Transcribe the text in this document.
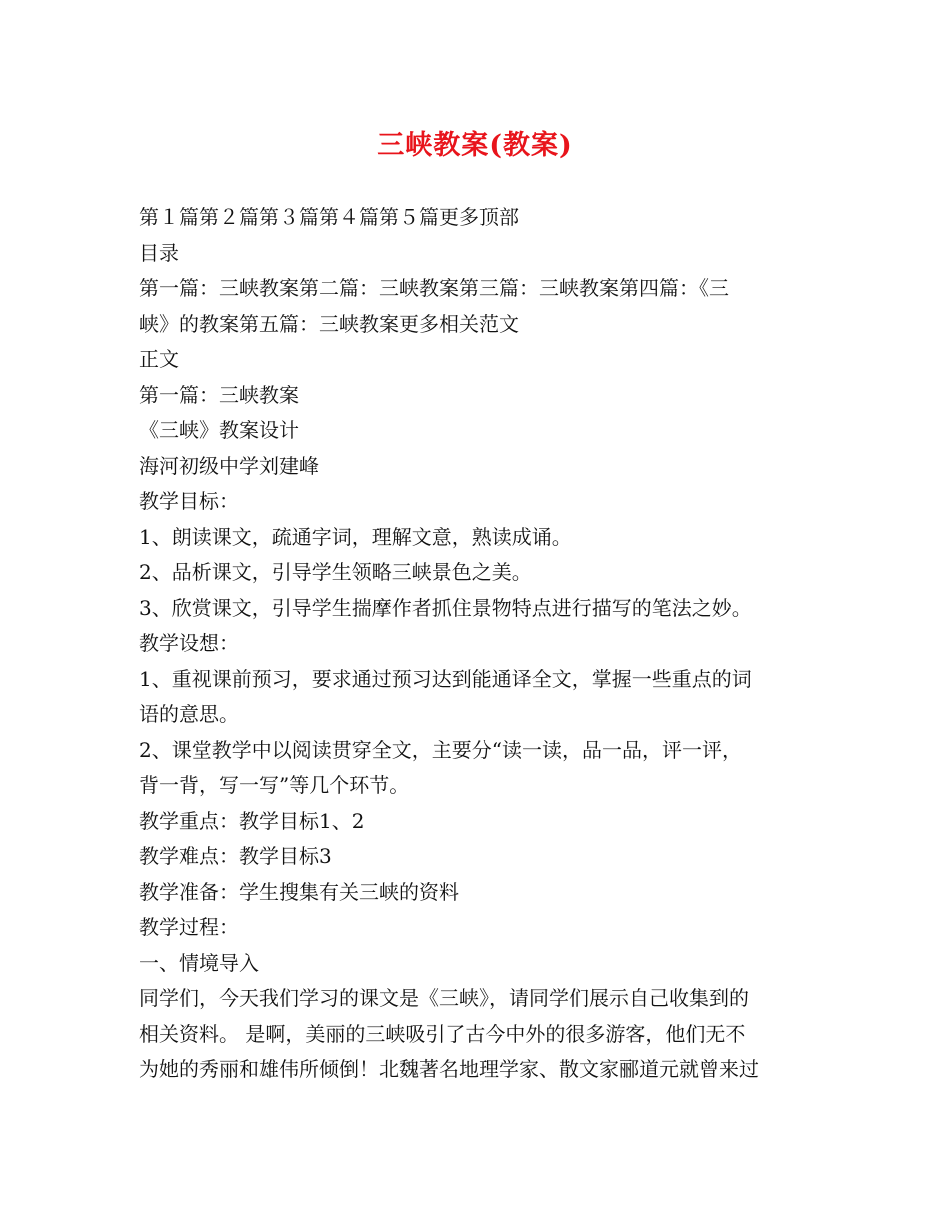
三峡教案(教案)
第１篇第２篇第３篇第４篇第５篇更多顶部
目录
第一篇：三峡教案第二篇：三峡教案第三篇：三峡教案第四篇：《三
峡》的教案第五篇：三峡教案更多相关范文
正文
第一篇：三峡教案
《三峡》教案设计
海河初级中学刘建峰
教学目标：
1、朗读课文，疏通字词，理解文意，熟读成诵。
2、品析课文，引导学生领略三峡景色之美。
3、欣赏课文，引导学生揣摩作者抓住景物特点进行描写的笔法之妙。
教学设想：
1、重视课前预习，要求通过预习达到能通译全文，掌握一些重点的词
语的意思。
2、课堂教学中以阅读贯穿全文，主要分“读一读，品一品，评一评，
背一背，写一写”等几个环节。
教学重点：教学目标1、2
教学难点：教学目标3
教学准备：学生搜集有关三峡的资料
教学过程：
一、情境导入
同学们，今天我们学习的课文是《三峡》，请同学们展示自己收集到的
相关资料。 是啊，美丽的三峡吸引了古今中外的很多游客，他们无不
为她的秀丽和雄伟所倾倒！北魏著名地理学家、散文家郦道元就曾来过
